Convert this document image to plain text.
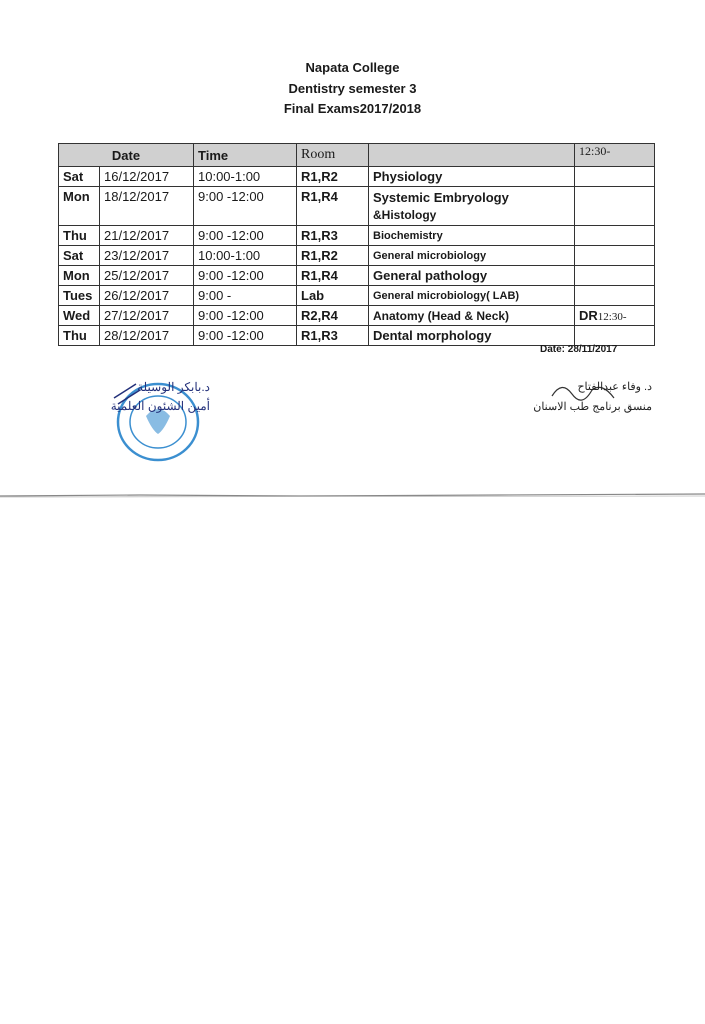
Napata College
Dentistry semester 3
Final Exams2017/2018
Date		Time	Room		12:30-
Sat	16/12/2017	10:00-1:00	R1,R2	Physiology	
Mon	18/12/2017	9:00 -12:00	R1,R4	Systemic Embryology
&Histology	
Thu	21/12/2017	9:00 -12:00	R1,R3	Biochemistry	
Sat	23/12/2017	10:00-1:00	R1,R2	General microbiology	
Mon	25/12/2017	9:00 -12:00	R1,R4	General pathology	
Tues	26/12/2017	9:00 -	Lab	General microbiology( LAB)	
Wed	27/12/2017	9:00 -12:00	R2,R4	Anatomy (Head & Neck)	DR12:30-
Thu	28/12/2017	9:00 -12:00	R1,R3	Dental morphology	
Date: 28/11/2017
د.بابكر الوسيلة
أمين الشئون العلمية
د. وفاء عبدالفتاح
منسق برنامج طب الاسنان
